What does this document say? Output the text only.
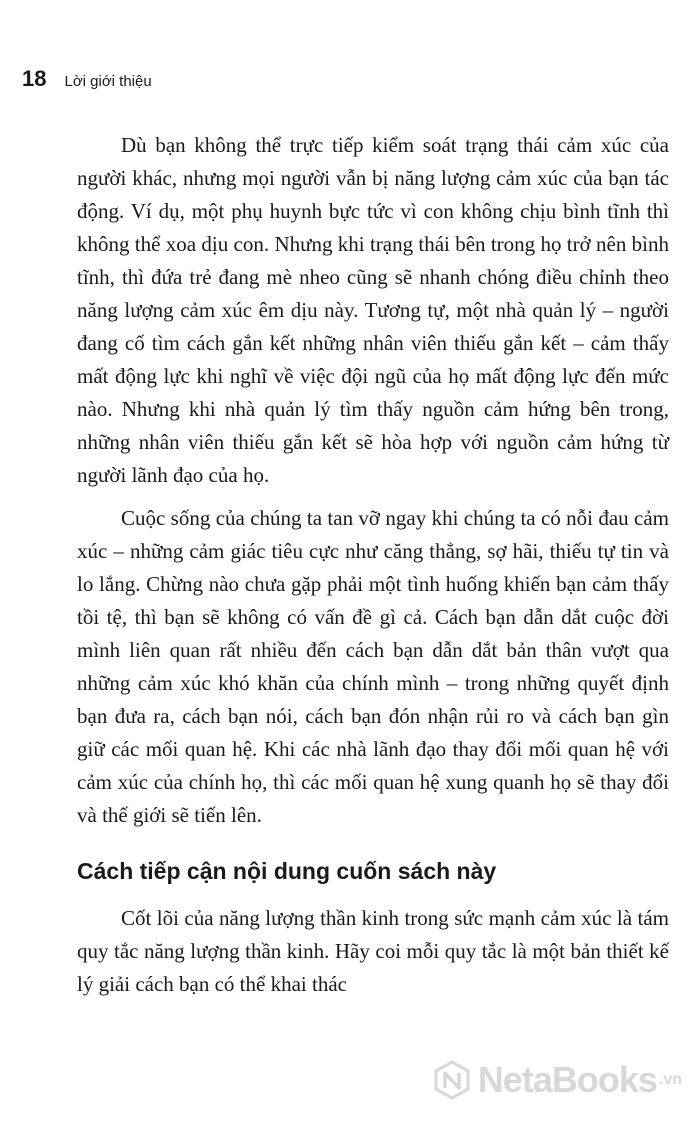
18 Lời giới thiệu

Dù bạn không thể trực tiếp kiểm soát trạng thái cảm xúc của người khác, nhưng mọi người vẫn bị năng lượng cảm xúc của bạn tác động. Ví dụ, một phụ huynh bực tức vì con không chịu bình tĩnh thì không thể xoa dịu con. Nhưng khi trạng thái bên trong họ trở nên bình tĩnh, thì đứa trẻ đang mè nheo cũng sẽ nhanh chóng điều chỉnh theo năng lượng cảm xúc êm dịu này. Tương tự, một nhà quản lý – người đang cố tìm cách gắn kết những nhân viên thiếu gắn kết – cảm thấy mất động lực khi nghĩ về việc đội ngũ của họ mất động lực đến mức nào. Nhưng khi nhà quản lý tìm thấy nguồn cảm hứng bên trong, những nhân viên thiếu gắn kết sẽ hòa hợp với nguồn cảm hứng từ người lãnh đạo của họ.

Cuộc sống của chúng ta tan vỡ ngay khi chúng ta có nỗi đau cảm xúc – những cảm giác tiêu cực như căng thẳng, sợ hãi, thiếu tự tin và lo lắng. Chừng nào chưa gặp phải một tình huống khiến bạn cảm thấy tồi tệ, thì bạn sẽ không có vấn đề gì cả. Cách bạn dẫn dắt cuộc đời mình liên quan rất nhiều đến cách bạn dẫn dắt bản thân vượt qua những cảm xúc khó khăn của chính mình – trong những quyết định bạn đưa ra, cách bạn nói, cách bạn đón nhận rủi ro và cách bạn gìn giữ các mối quan hệ. Khi các nhà lãnh đạo thay đổi mối quan hệ với cảm xúc của chính họ, thì các mối quan hệ xung quanh họ sẽ thay đổi và thế giới sẽ tiến lên.

Cách tiếp cận nội dung cuốn sách này

Cốt lõi của năng lượng thần kinh trong sức mạnh cảm xúc là tám quy tắc năng lượng thần kinh. Hãy coi mỗi quy tắc là một bản thiết kế lý giải cách bạn có thể khai thác

NetaBooks .vn
